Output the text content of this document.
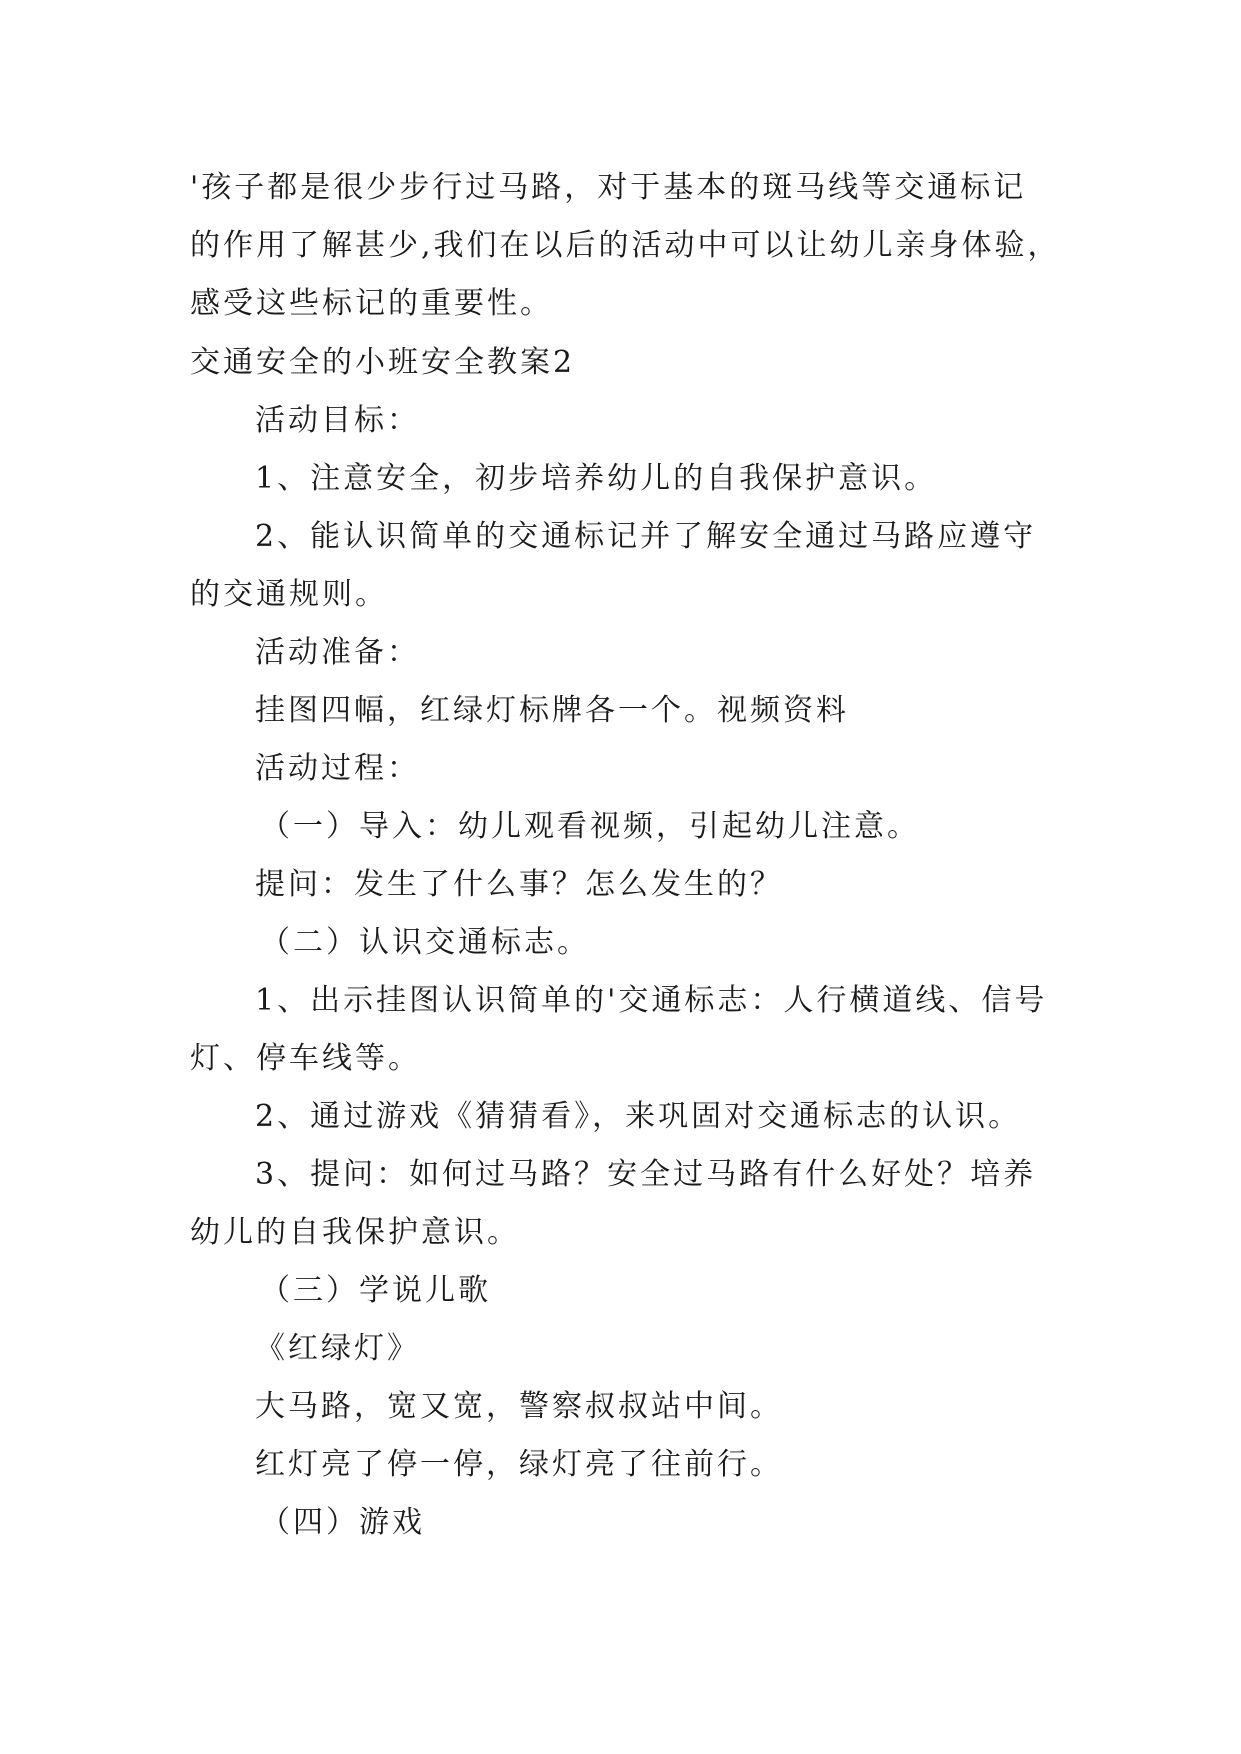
'孩子都是很少步行过马路，对于基本的斑马线等交通标记
的作用了解甚少,我们在以后的活动中可以让幼儿亲身体验，
感受这些标记的重要性。
交通安全的小班安全教案2
活动目标：
1、注意安全，初步培养幼儿的自我保护意识。
2、能认识简单的交通标记并了解安全通过马路应遵守
的交通规则。
活动准备：
挂图四幅，红绿灯标牌各一个。视频资料
活动过程：
（一）导入：幼儿观看视频，引起幼儿注意。
提问：发生了什么事？怎么发生的？
（二）认识交通标志。
1、出示挂图认识简单的'交通标志：人行横道线、信号
灯、停车线等。
2、通过游戏《猜猜看》，来巩固对交通标志的认识。
3、提问：如何过马路？安全过马路有什么好处？培养
幼儿的自我保护意识。
（三）学说儿歌
《红绿灯》
大马路，宽又宽，警察叔叔站中间。
红灯亮了停一停，绿灯亮了往前行。
（四）游戏
